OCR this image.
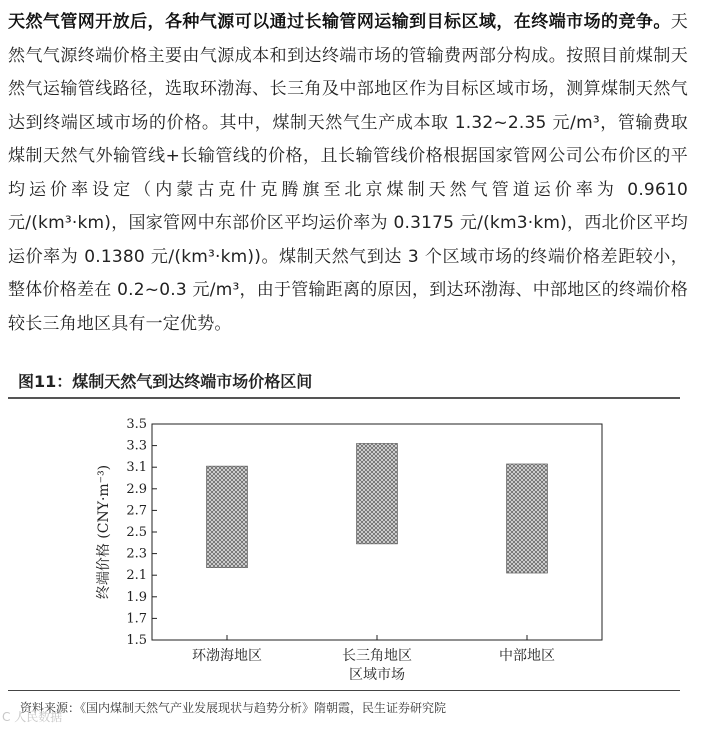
天然气管网开放后，各种气源可以通过长输管网运输到目标区域，在终端市场的竞争。天然气气源终端价格主要由气源成本和到达终端市场的管输费两部分构成。按照目前煤制天然气运输管线路径，选取环渤海、长三角及中部地区作为目标区域市场，测算煤制天然气达到终端区域市场的价格。其中，煤制天然气生产成本取 1.32~2.35 元/m³，管输费取煤制天然气外输管线+长输管线的价格，且长输管线价格根据国家管网公司公布价区的平均运价率设定（内蒙古克什克腾旗至北京煤制天然气管道运价率为 0.9610 元/(km³·km)，国家管网中东部价区平均运价率为 0.3175 元/(km3·km)，西北价区平均运价率为 0.1380 元/(km³·km))。煤制天然气到达 3 个区域市场的终端价格差距较小，整体价格差在 0.2~0.3 元/m³，由于管输距离的原因，到达环渤海、中部地区的终端价格较长三角地区具有一定优势。
图11：煤制天然气到达终端市场价格区间
1.5
1.7
1.9
2.1
2.3
2.5
2.7
2.9
3.1
3.3
3.5
环渤海地区	长三角地区	中部地区
区域市场
终端价格 (CNY·m⁻³)
资料来源：《国内煤制天然气产业发展现状与趋势分析》隋朝霞，民生证券研究院
C 人民数据
